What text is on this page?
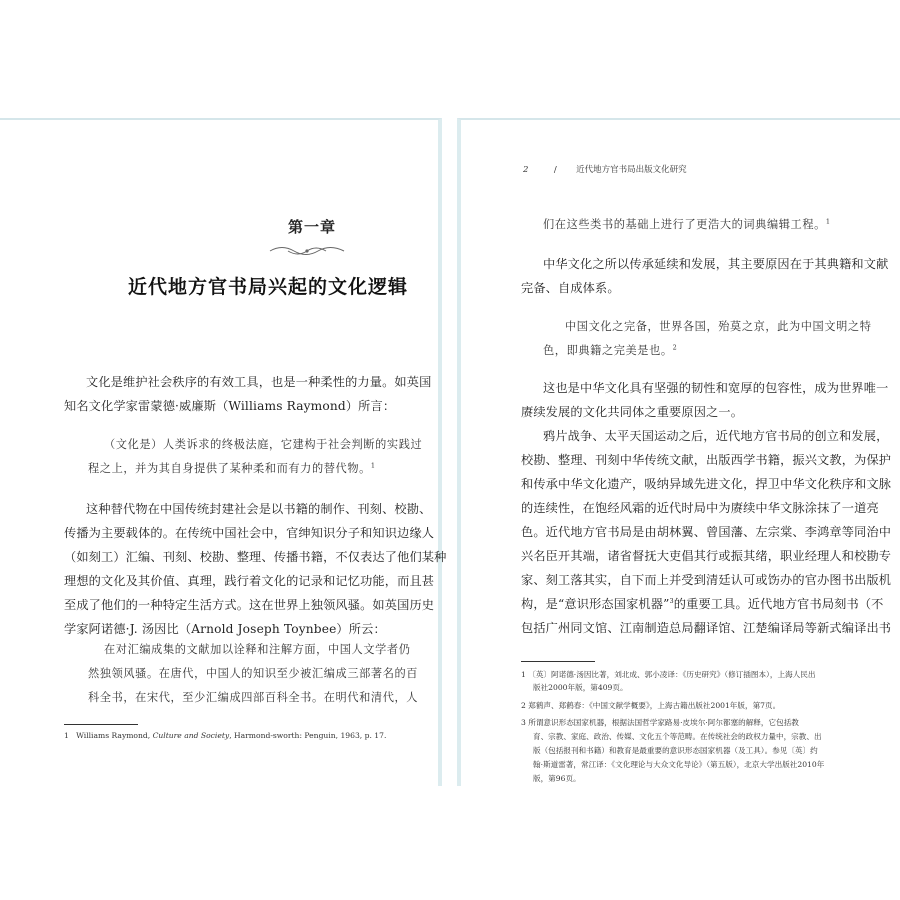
第一章
近代地方官书局兴起的文化逻辑
文化是维护社会秩序的有效工具，也是一种柔性的力量。如英国
知名文化学家雷蒙德·威廉斯（Williams Raymond）所言：
（文化是）人类诉求的终极法庭，它建构于社会判断的实践过
程之上，并为其自身提供了某种柔和而有力的替代物。$^1$
这种替代物在中国传统封建社会是以书籍的制作、刊刻、校勘、
传播为主要载体的。在传统中国社会中，官绅知识分子和知识边缘人
（如刻工）汇编、刊刻、校勘、整理、传播书籍，不仅表达了他们某种
理想的文化及其价值、真理，践行着文化的记录和记忆功能，而且甚
至成了他们的一种特定生活方式。这在世界上独领风骚。如英国历史
学家阿诺德·J. 汤因比（Arnold Joseph Toynbee）所云：
在对汇编成集的文献加以诠释和注解方面，中国人文学者仍
然独领风骚。在唐代，中国人的知识至少被汇编成三部著名的百
科全书，在宋代，至少汇编成四部百科全书。在明代和清代，人
1 Williams Raymond, Culture and Society, Harmond-sworth: Penguin, 1963, p. 17.
2	/ 近代地方官书局出版文化研究
们在这些类书的基础上进行了更浩大的词典编辑工程。$^1$
中华文化之所以传承延续和发展，其主要原因在于其典籍和文献
完备、自成体系。
中国文化之完备，世界各国，殆莫之京，此为中国文明之特
色，即典籍之完美是也。$^2$
这也是中华文化具有坚强的韧性和宽厚的包容性，成为世界唯一
赓续发展的文化共同体之重要原因之一。
鸦片战争、太平天国运动之后，近代地方官书局的创立和发展，
校勘、整理、刊刻中华传统文献，出版西学书籍，振兴文教，为保护
和传承中华文化遗产，吸纳异域先进文化，捍卫中华文化秩序和文脉
的连续性，在饱经风霜的近代时局中为赓续中华文脉涂抹了一道亮
色。近代地方官书局是由胡林翼、曾国藩、左宗棠、李鸿章等同治中
兴名臣开其端，诸省督抚大吏倡其行或振其绪，职业经理人和校勘专
家、刻工落其实，自下而上并受到清廷认可或饬办的官办图书出版机
构，是“意识形态国家机器”$^3$的重要工具。近代地方官书局刻书（不
包括广州同文馆、江南制造总局翻译馆、江楚编译局等新式编译出书
1 〔英〕阿诺德·汤因比著，刘北成、郭小凌译：《历史研究》（修订插图本），上海人民出
版社2000年版，第409页。
2 郑鹤声、郑鹤春：《中国文献学概要》，上海古籍出版社2001年版，第7页。
3 所谓意识形态国家机器，根据法国哲学家路易·皮埃尔·阿尔都塞的解释，它包括教
育、宗教、家庭、政治、传媒、文化五个等范畴。在传统社会的政权力量中，宗教、出
版（包括报刊和书籍）和教育是最重要的意识形态国家机器（及工具）。参见〔英〕约
翰·斯道雷著，常江译：《文化理论与大众文化导论》（第五版），北京大学出版社2010年
版，第96页。
